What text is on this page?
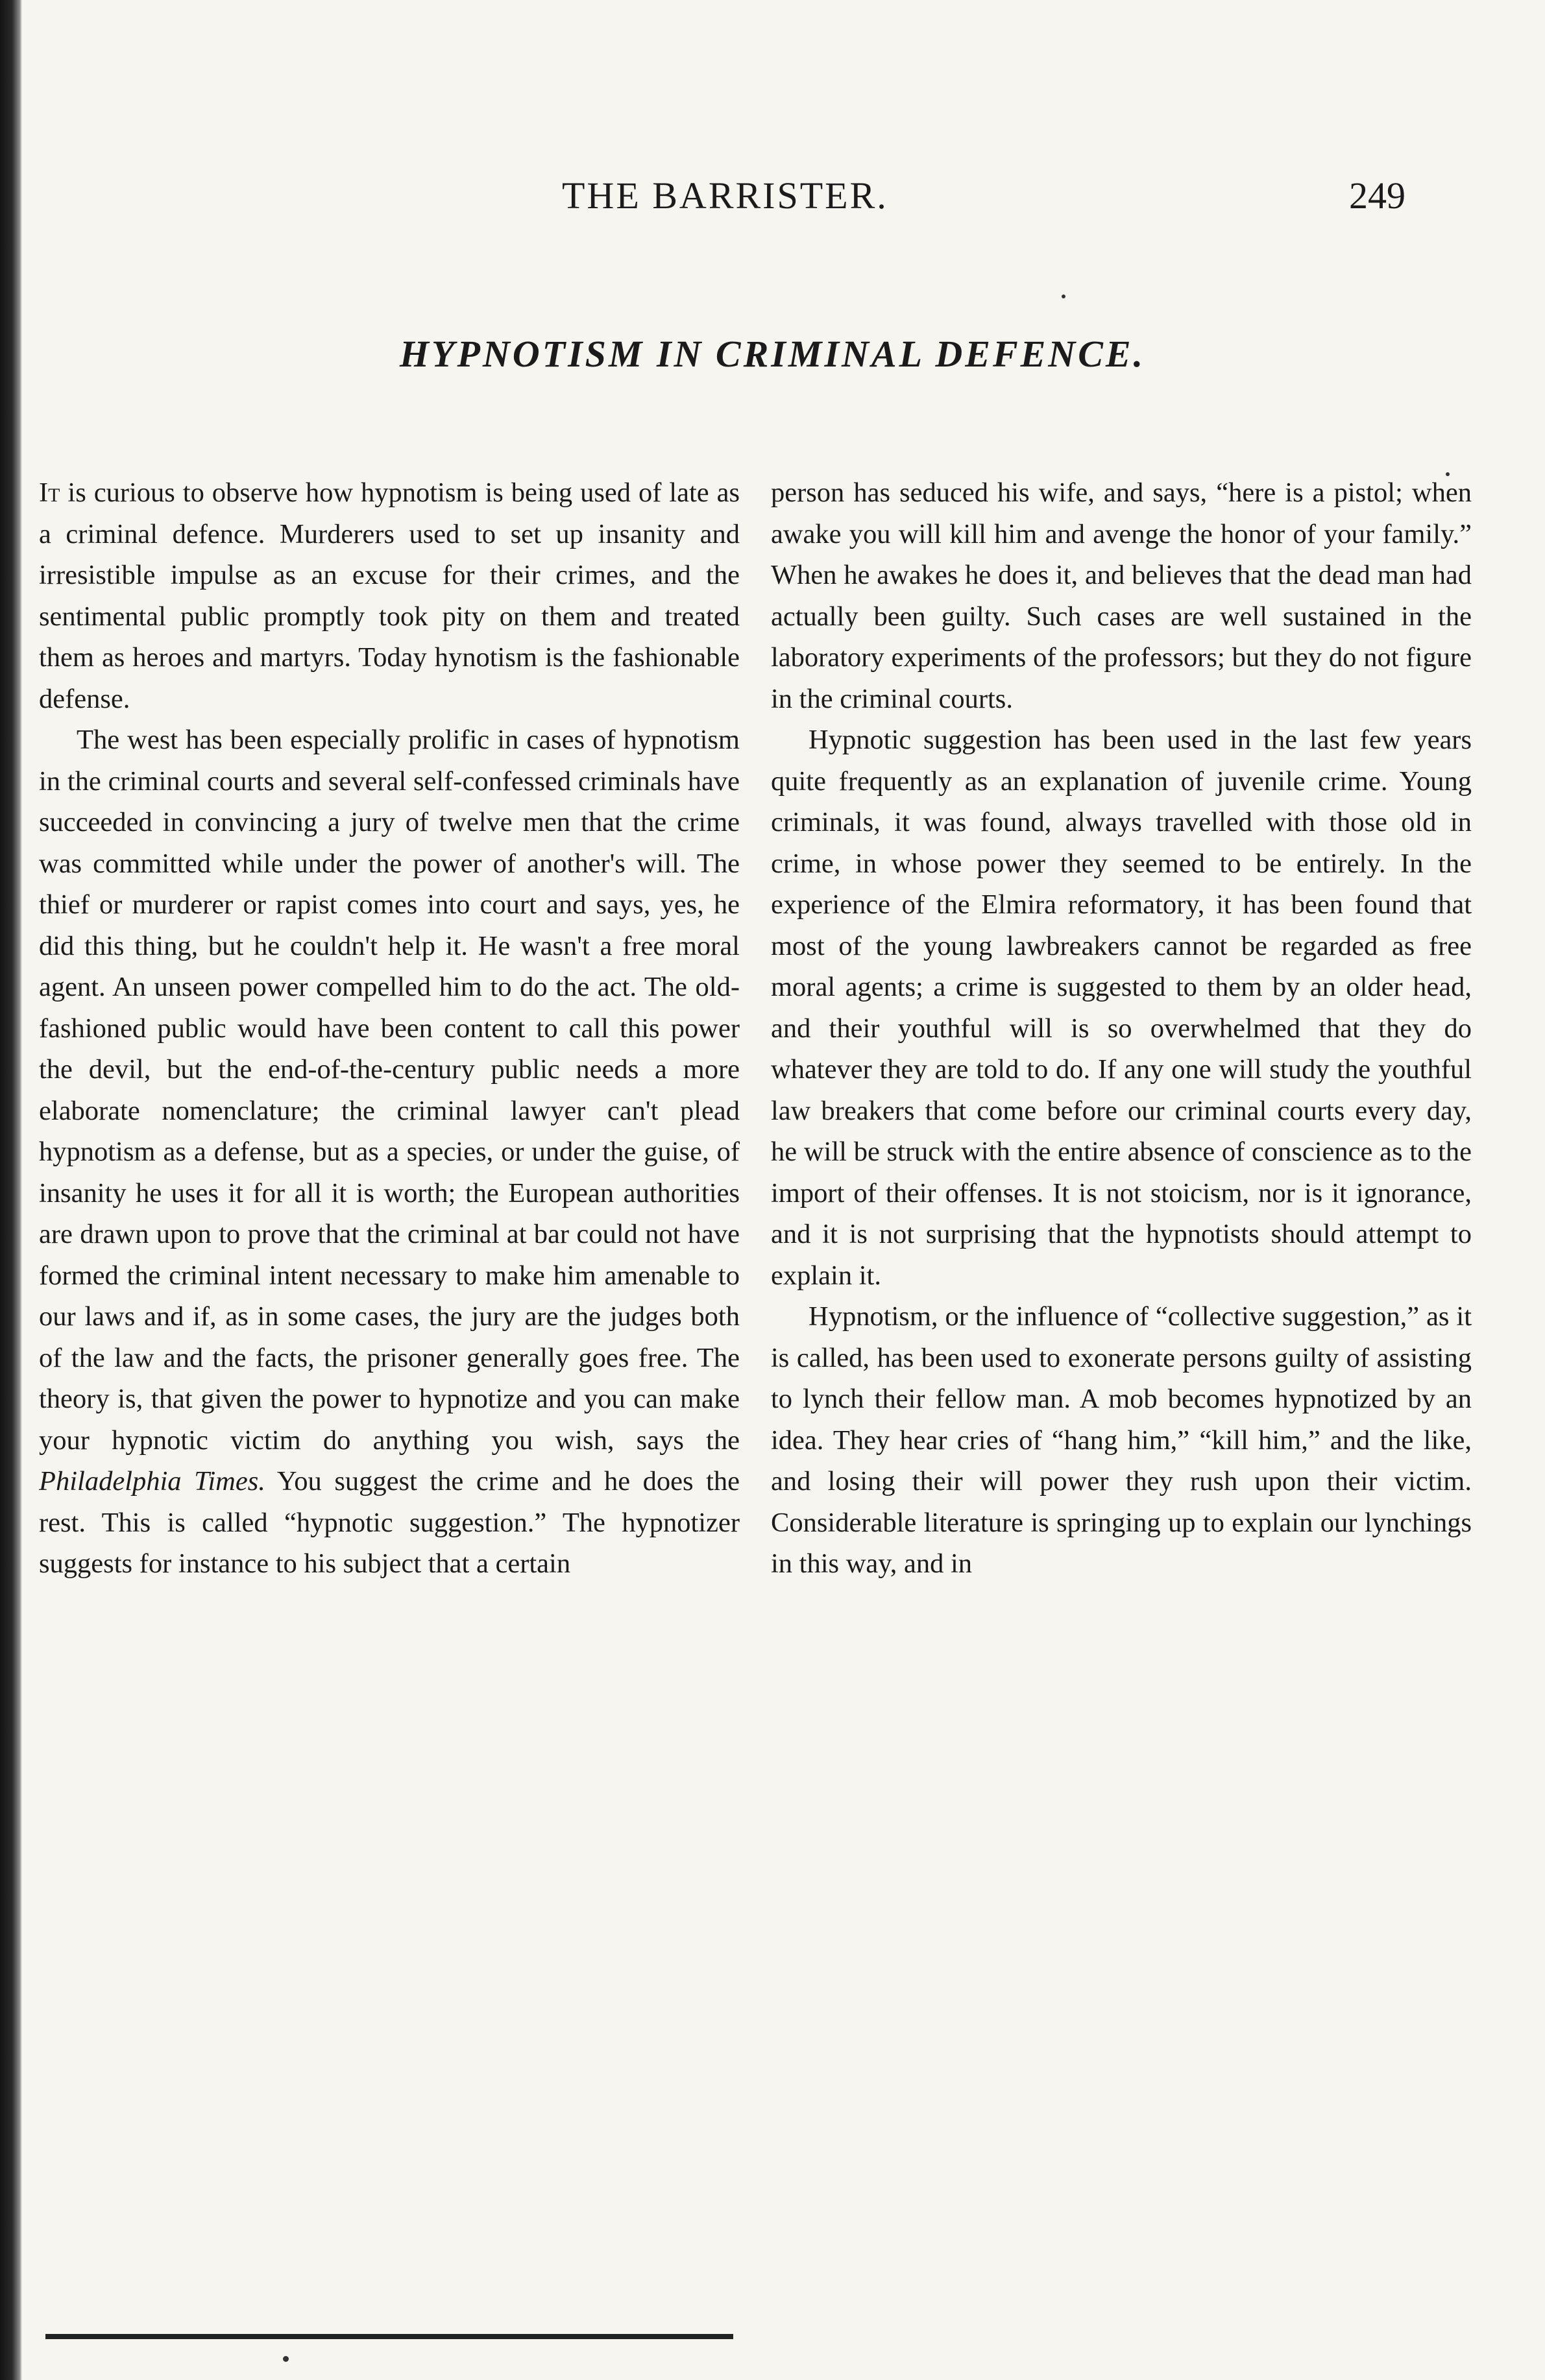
THE BARRISTER.	249
HYPNOTISM IN CRIMINAL DEFENCE.

It is curious to observe how hypnotism is being used of late as a criminal defence. Murderers used to set up insanity and irresistible impulse as an excuse for their crimes, and the sentimental public promptly took pity on them and treated them as heroes and martyrs. Today hynotism is the fashionable defense.

The west has been especially prolific in cases of hypnotism in the criminal courts and several self-confessed criminals have succeeded in convincing a jury of twelve men that the crime was committed while under the power of another's will. The thief or murderer or rapist comes into court and says, yes, he did this thing, but he couldn't help it. He wasn't a free moral agent. An unseen power compelled him to do the act. The old-fashioned public would have been content to call this power the devil, but the end-of-the-century public needs a more elaborate nomenclature; the criminal lawyer can't plead hypnotism as a defense, but as a species, or under the guise, of insanity he uses it for all it is worth; the European authorities are drawn upon to prove that the criminal at bar could not have formed the criminal intent necessary to make him amenable to our laws and if, as in some cases, the jury are the judges both of the law and the facts, the prisoner generally goes free. The theory is, that given the power to hypnotize and you can make your hypnotic victim do anything you wish, says the Philadelphia Times. You suggest the crime and he does the rest. This is called “hypnotic suggestion.” The hypnotizer suggests for instance to his subject that a certain

person has seduced his wife, and says, “here is a pistol; when awake you will kill him and avenge the honor of your family.” When he awakes he does it, and believes that the dead man had actually been guilty. Such cases are well sustained in the laboratory experiments of the professors; but they do not figure in the criminal courts.

Hypnotic suggestion has been used in the last few years quite frequently as an explanation of juvenile crime. Young criminals, it was found, always travelled with those old in crime, in whose power they seemed to be entirely. In the experience of the Elmira reformatory, it has been found that most of the young lawbreakers cannot be regarded as free moral agents; a crime is suggested to them by an older head, and their youthful will is so overwhelmed that they do whatever they are told to do. If any one will study the youthful law breakers that come before our criminal courts every day, he will be struck with the entire absence of conscience as to the import of their offenses. It is not stoicism, nor is it ignorance, and it is not surprising that the hypnotists should attempt to explain it.

Hypnotism, or the influence of “collective suggestion,” as it is called, has been used to exonerate persons guilty of assisting to lynch their fellow man. A mob becomes hypnotized by an idea. They hear cries of “hang him,” “kill him,” and the like, and losing their will power they rush upon their victim. Considerable literature is springing up to explain our lynchings in this way, and in
